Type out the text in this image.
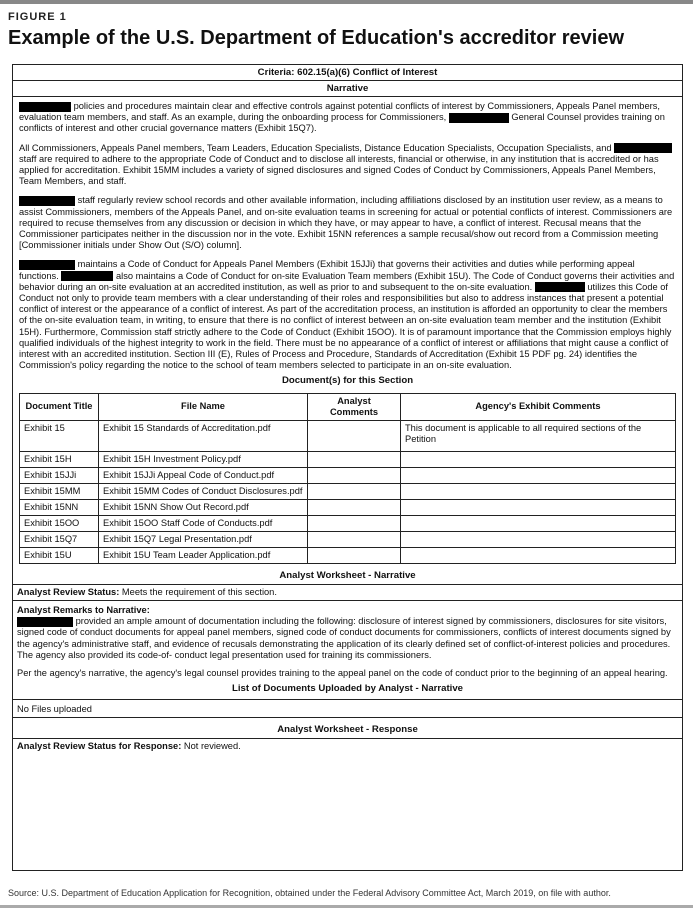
FIGURE 1
Example of the U.S. Department of Education's accreditor review
Criteria: 602.15(a)(6) Conflict of Interest
Narrative
policies and procedures maintain clear and effective controls against potential conflicts of interest by Commissioners, Appeals Panel members, evaluation team members, and staff. As an example, during the onboarding process for Commissioners,	General Counsel provides training on conflicts of interest and other crucial governance matters (Exhibit 15Q7).
All Commissioners, Appeals Panel members, Team Leaders, Education Specialists, Distance Education Specialists, Occupation Specialists, and  staff are required to adhere to the appropriate Code of Conduct and to disclose all interests, financial or otherwise, in any institution that is accredited or has applied for accreditation. Exhibit 15MM includes a variety of signed disclosures and signed Codes of Conduct by Commissioners, Appeals Panel Members, Team Members, and staff.
staff regularly review school records and other available information, including affiliations disclosed by an institution user review, as a means to assist Commissioners, members of the Appeals Panel, and on-site evaluation teams in screening for actual or potential conflicts of interest. Commissioners are required to recuse themselves from any discussion or decision in which they have, or may appear to have, a conflict of interest. Recusal means that the Commissioner participates neither in the discussion nor in the vote. Exhibit 15NN references a sample recusal/show out record from a Commission meeting [Commissioner initials under Show Out (S/O) column].
maintains a Code of Conduct for Appeals Panel Members (Exhibit 15JJi) that governs their activities and duties while performing appeal functions.	also maintains a Code of Conduct for on-site Evaluation Team members (Exhibit 15U). The Code of Conduct governs their activities and behavior during an on-site evaluation at an accredited institution, as well as prior to and subsequent to the on-site evaluation.	utilizes this Code of Conduct not only to provide team members with a clear understanding of their roles and responsibilities but also to address instances that present a potential conflict of interest or the appearance of a conflict of interest. As part of the accreditation process, an institution is afforded an opportunity to clear the members of the on-site evaluation team, in writing, to ensure that there is no conflict of interest between an on-site evaluation team member and the institution (Exhibit 15H). Furthermore, Commission staff strictly adhere to the Code of Conduct (Exhibit 15OO). It is of paramount importance that the Commission employs highly qualified individuals of the highest integrity to work in the field. There must be no appearance of a conflict of interest or affiliations that might cause a conflict of interest with an accredited institution. Section III (E), Rules of Process and Procedure, Standards of Accreditation (Exhibit 15 PDF pg. 24) identifies the Commission's policy regarding the notice to the school of team members selected to participate in an on-site evaluation.
Document(s) for this Section
Document Title	File Name	Analyst Comments	Agency's Exhibit Comments
Exhibit 15	Exhibit 15 Standards of Accreditation.pdf		This document is applicable to all required sections of the Petition
Exhibit 15H	Exhibit 15H Investment Policy.pdf		
Exhibit 15JJi	Exhibit 15JJi Appeal Code of Conduct.pdf		
Exhibit 15MM	Exhibit 15MM Codes of Conduct Disclosures.pdf		
Exhibit 15NN	Exhibit 15NN Show Out Record.pdf		
Exhibit 15OO	Exhibit 15OO Staff Code of Conducts.pdf		
Exhibit 15Q7	Exhibit 15Q7 Legal Presentation.pdf		
Exhibit 15U	Exhibit 15U Team Leader Application.pdf		
Analyst Worksheet - Narrative
Analyst Review Status: Meets the requirement of this section.
Analyst Remarks to Narrative:
provided an ample amount of documentation including the following: disclosure of interest signed by commissioners, disclosures for site visitors, signed code of conduct documents for appeal panel members, signed code of conduct documents for commissioners, conflicts of interest documents signed by the agency's administrative staff, and evidence of recusals demonstrating the application of its clearly defined set of conflict-of-interest policies and procedures. The agency also provided its code-of- conduct legal presentation used for training its commissioners.
Per the agency's narrative, the agency's legal counsel provides training to the appeal panel on the code of conduct prior to the beginning of an appeal hearing.
List of Documents Uploaded by Analyst - Narrative
No Files uploaded
Analyst Worksheet - Response
Analyst Review Status for Response: Not reviewed.
Source: U.S. Department of Education Application for Recognition, obtained under the Federal Advisory Committee Act, March 2019, on file with author.
